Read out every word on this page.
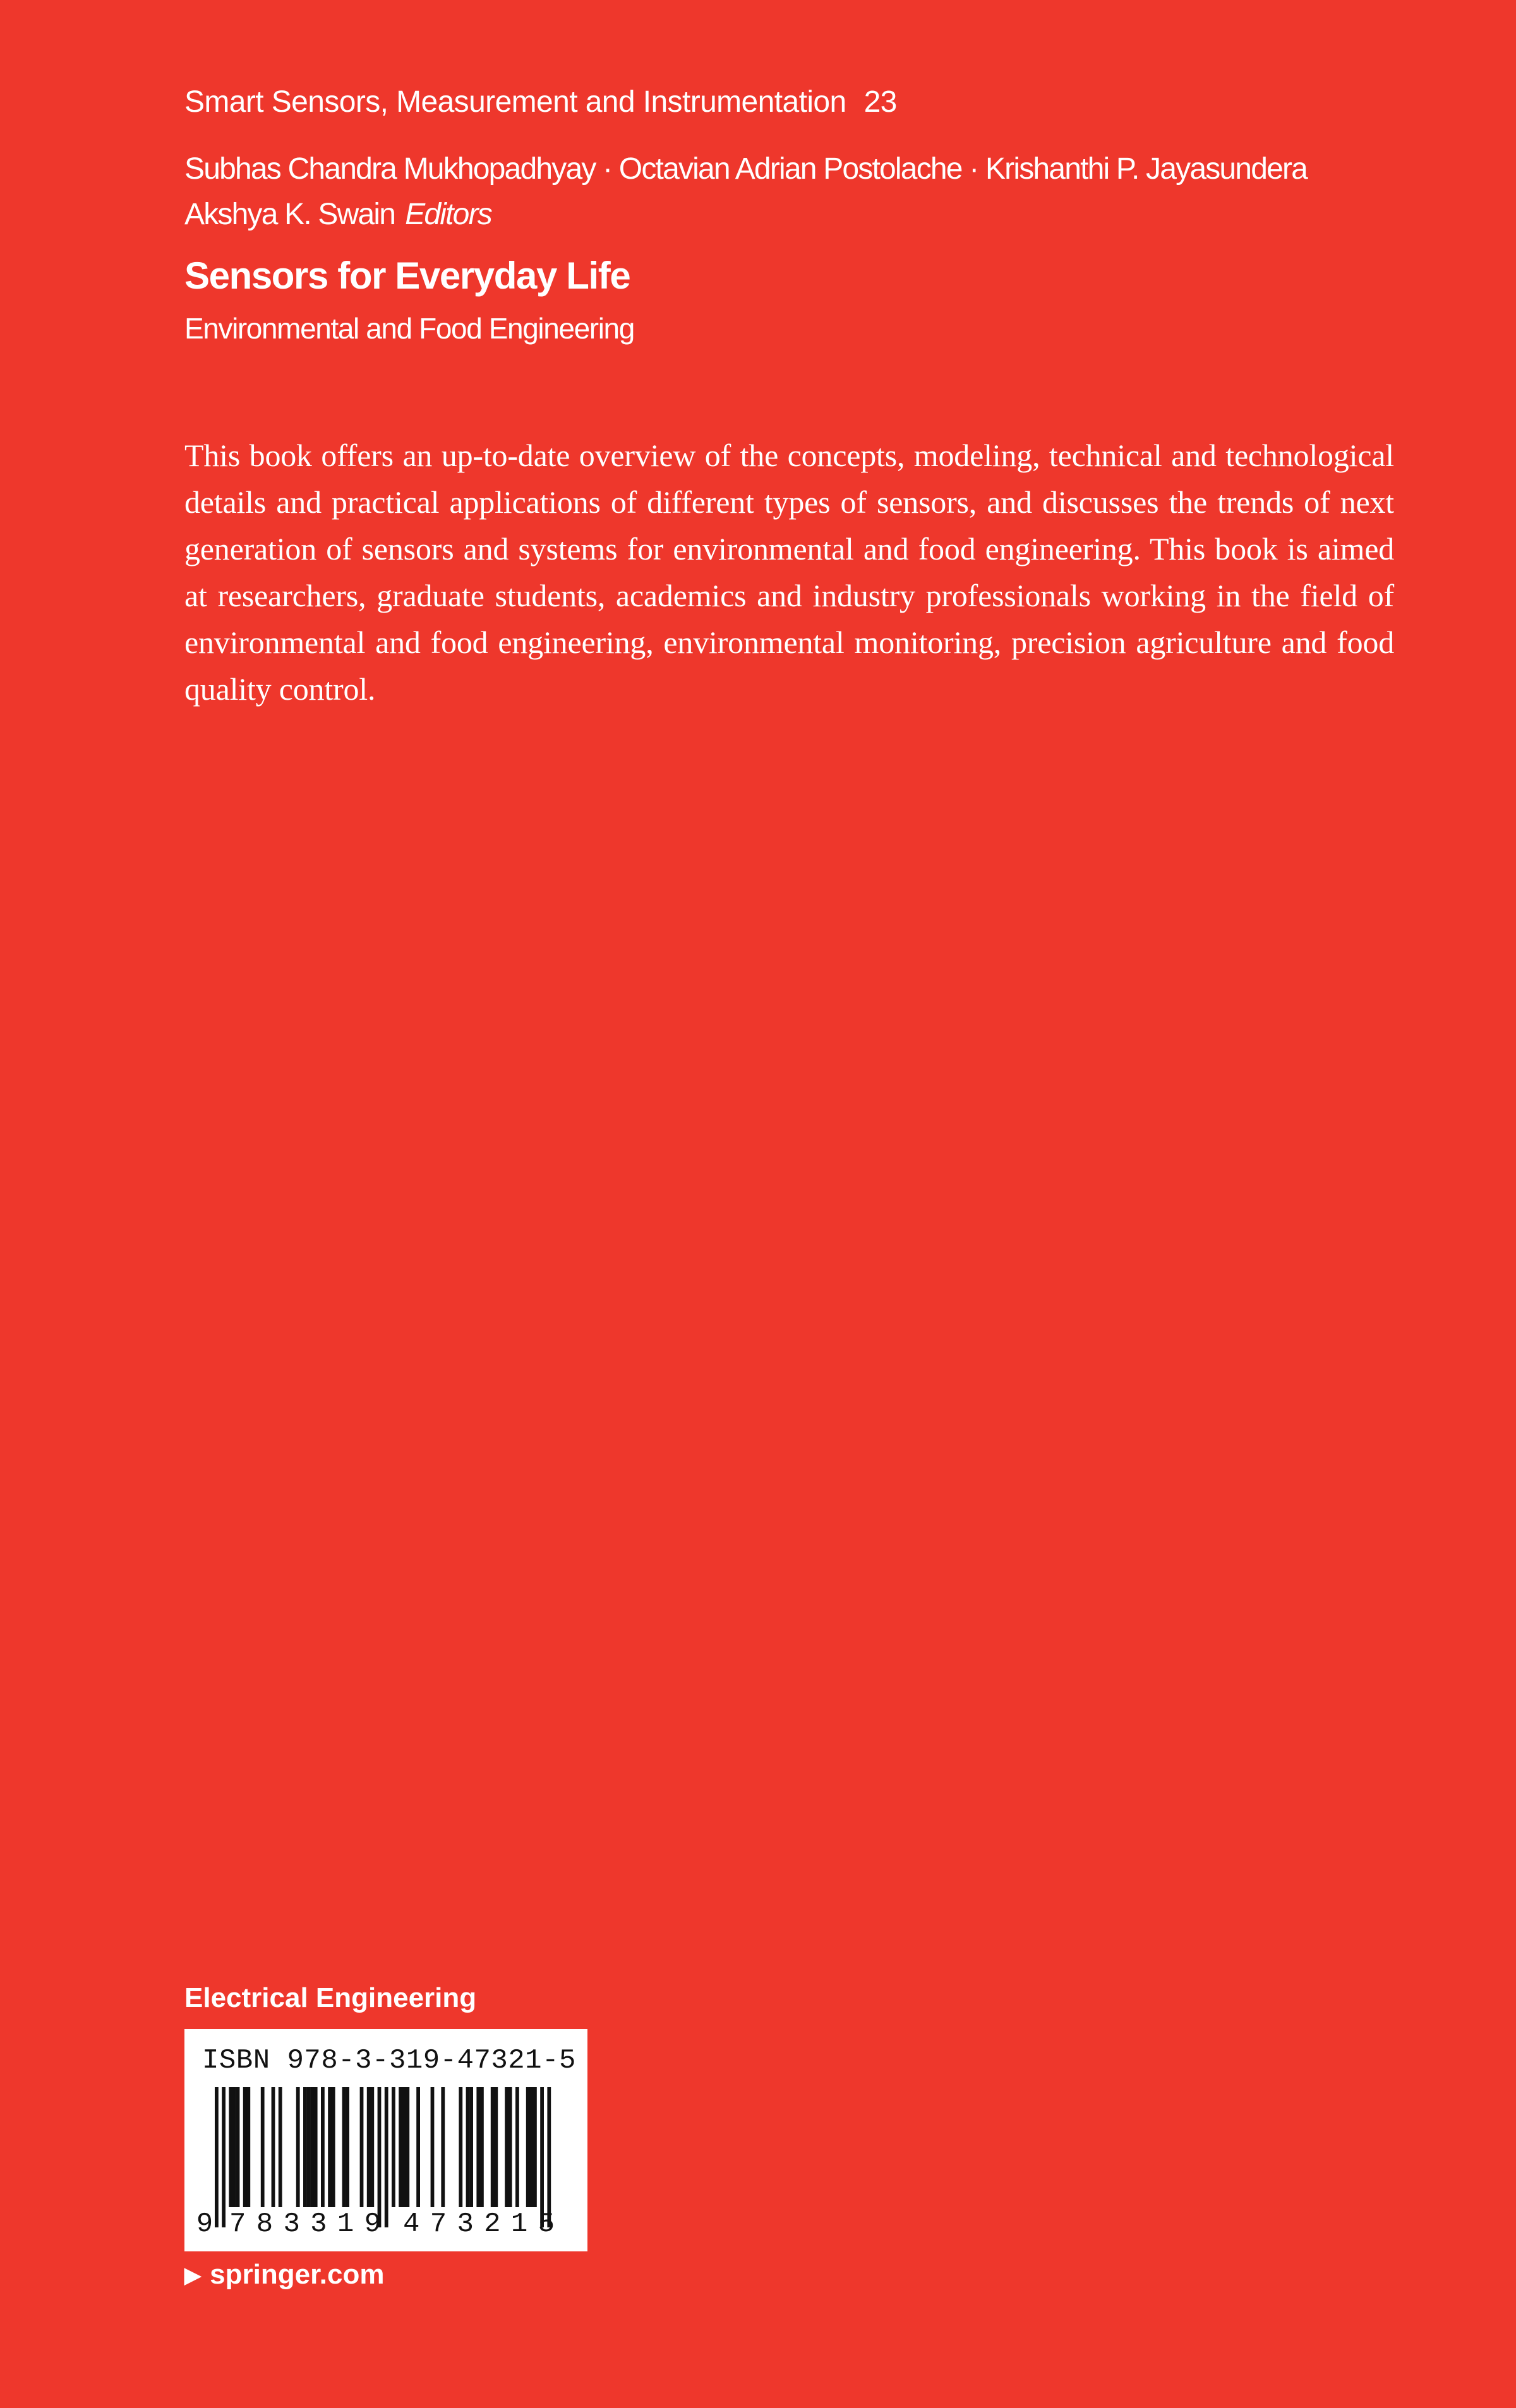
Smart Sensors, Measurement and Instrumentation 23
Subhas Chandra Mukhopadhyay · Octavian Adrian Postolache · Krishanthi P. Jayasundera
Akshya K. Swain Editors
Sensors for Everyday Life
Environmental and Food Engineering

This book offers an up-to-date overview of the concepts, modeling, technical and technological details and practical applications of different types of sensors, and discusses the trends of next generation of sensors and systems for environmental and food engineering. This book is aimed at researchers, graduate students, academics and industry professionals working in the field of environmental and food engineering, environmental monitoring, precision agriculture and food quality control.

Electrical Engineering
ISBN 978-3-319-47321-5
9 783319 473215
▶ springer.com
